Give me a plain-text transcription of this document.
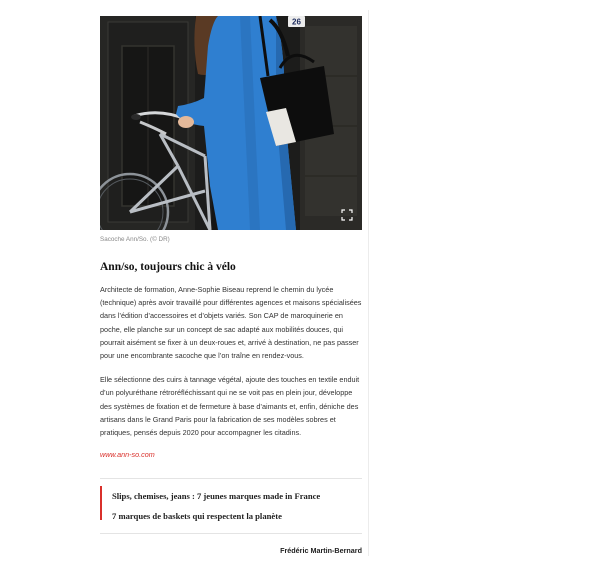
26
Sacoche Ann/So. (© DR)
Ann/so, toujours chic à vélo

Architecte de formation, Anne-Sophie Biseau reprend le chemin du lycée (technique) après avoir travaillé pour différentes agences et maisons spécialisées dans l’édition d’accessoires et d’objets variés. Son CAP de maroquinerie en poche, elle planche sur un concept de sac adapté aux mobilités douces, qui pourrait aisément se fixer à un deux-roues et, arrivé à destination, ne pas passer pour une encombrante sacoche que l’on traîne en rendez-vous.

Elle sélectionne des cuirs à tannage végétal, ajoute des touches en textile enduit d’un polyuréthane rétroréfléchissant qui ne se voit pas en plein jour, développe des systèmes de fixation et de fermeture à base d’aimants et, enfin, déniche des artisans dans le Grand Paris pour la fabrication de ses modèles sobres et pratiques, pensés depuis 2020 pour accompagner les citadins.

www.ann-so.com
Slips, chemises, jeans : 7 jeunes marques made in France
7 marques de baskets qui respectent la planète
Frédéric Martin-Bernard
